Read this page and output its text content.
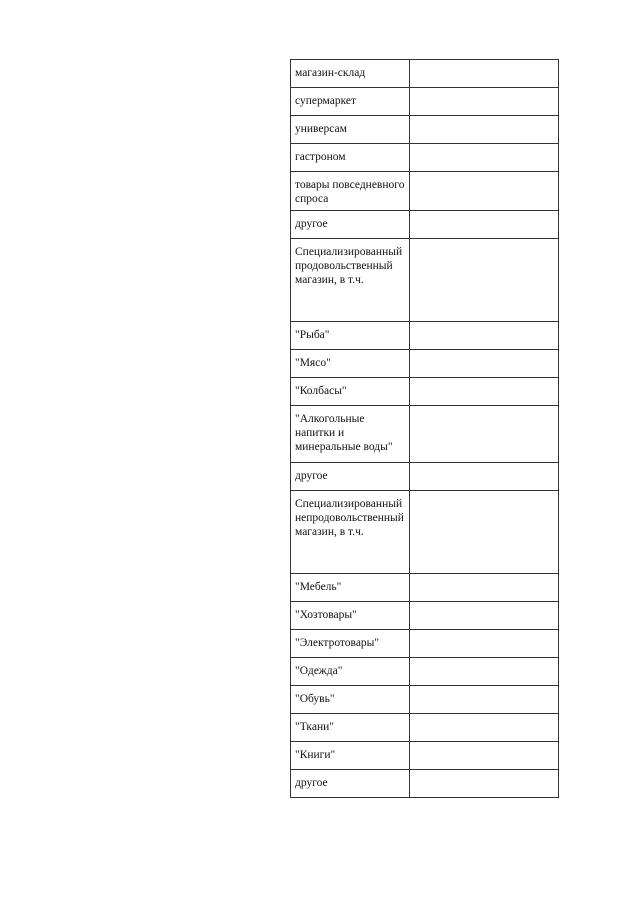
магазин-склад	

супермаркет	

универсам	

гастроном	

товары повседневного спроса	

другое	

Специализированный продовольственный магазин, в т.ч.	

"Рыба"	

"Мясо"	

"Колбасы"	

"Алкогольные
напитки и
минеральные воды"	

другое	

Специализированный непродовольственный магазин, в т.ч.	

"Мебель"	

"Хозтовары"	

"Электротовары"	

"Одежда"	

"Обувь"	

"Ткани"	

"Книги"	

другое	
